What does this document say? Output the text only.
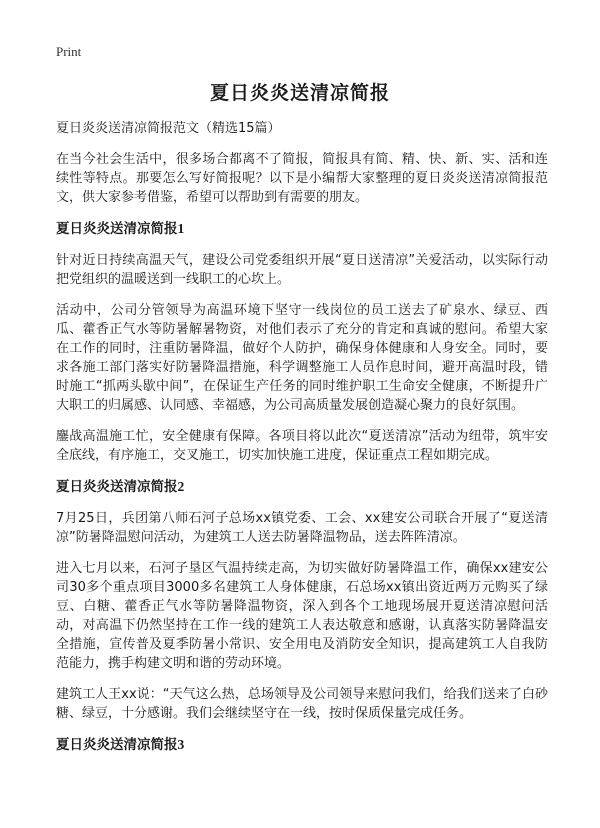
Print
夏日炎炎送清凉简报
夏日炎炎送清凉简报范文（精选15篇）

在当今社会生活中，很多场合都离不了简报，简报具有简、精、快、新、实、活和连续性等特点。那要怎么写好简报呢？以下是小编帮大家整理的夏日炎炎送清凉简报范文，供大家参考借鉴，希望可以帮助到有需要的朋友。

夏日炎炎送清凉简报1

针对近日持续高温天气，建设公司党委组织开展“夏日送清凉”关爱活动，以实际行动把党组织的温暖送到一线职工的心坎上。

活动中，公司分管领导为高温环境下坚守一线岗位的员工送去了矿泉水、绿豆、西瓜、藿香正气水等防暑解暑物资，对他们表示了充分的肯定和真诚的慰问。希望大家在工作的同时，注重防暑降温，做好个人防护，确保身体健康和人身安全。同时，要求各施工部门落实好防暑降温措施，科学调整施工人员作息时间，避开高温时段，错时施工“抓两头歇中间”，在保证生产任务的同时维护职工生命安全健康，不断提升广大职工的归属感、认同感、幸福感，为公司高质量发展创造凝心聚力的良好氛围。

鏖战高温施工忙，安全健康有保障。各项目将以此次“夏送清凉”活动为纽带，筑牢安全底线，有序施工，交叉施工，切实加快施工进度，保证重点工程如期完成。

夏日炎炎送清凉简报2

7月25日，兵团第八师石河子总场xx镇党委、工会、xx建安公司联合开展了“夏送清凉”防暑降温慰问活动，为建筑工人送去防暑降温物品，送去阵阵清凉。

进入七月以来，石河子垦区气温持续走高，为切实做好防暑降温工作，确保xx建安公司30多个重点项目3000多名建筑工人身体健康，石总场xx镇出资近两万元购买了绿豆、白糖、藿香正气水等防暑降温物资，深入到各个工地现场展开夏送清凉慰问活动，对高温下仍然坚持在工作一线的建筑工人表达敬意和感谢，认真落实防暑降温安全措施，宣传普及夏季防暑小常识、安全用电及消防安全知识，提高建筑工人自我防范能力，携手构建文明和谐的劳动环境。

建筑工人王xx说：“天气这么热，总场领导及公司领导来慰问我们，给我们送来了白砂糖、绿豆，十分感谢。我们会继续坚守在一线，按时保质保量完成任务。

夏日炎炎送清凉简报3
